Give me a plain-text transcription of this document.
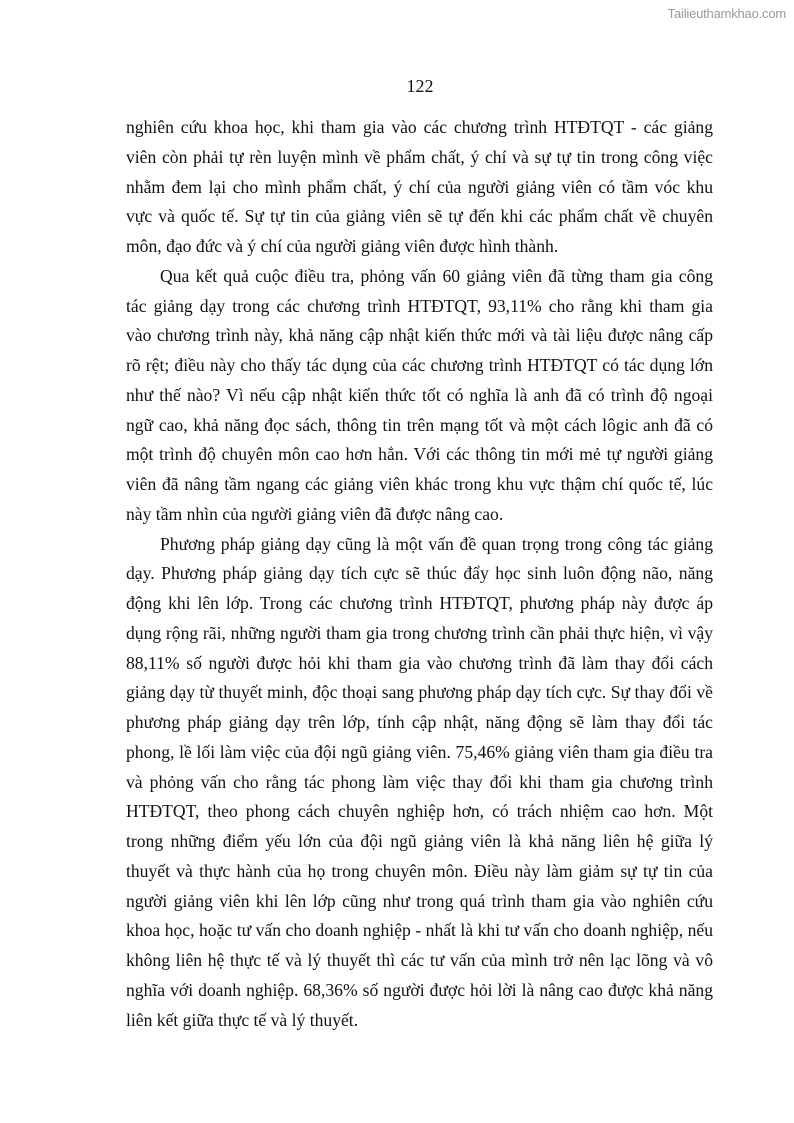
Tailieuthamkhao.com
122
nghiên cứu khoa học, khi tham gia vào các chương trình HTĐTQT - các giảng
viên còn phải tự rèn luyện mình về phẩm chất, ý chí và sự tự tin trong công việc
nhằm đem lại cho mình phẩm chất, ý chí của người giảng viên có tầm vóc khu
vực và quốc tế. Sự tự tin của giảng viên sẽ tự đến khi các phẩm chất về chuyên
môn, đạo đức và ý chí của người giảng viên được hình thành.
Qua kết quả cuộc điều tra, phỏng vấn 60 giảng viên đã từng tham gia công
tác giảng dạy trong các chương trình HTĐTQT, 93,11% cho rằng khi tham gia
vào chương trình này, khả năng cập nhật kiến thức mới và tài liệu được nâng cấp
rõ rệt; điều này cho thấy tác dụng của các chương trình HTĐTQT có tác dụng lớn
như thế nào? Vì nếu cập nhật kiến thức tốt có nghĩa là anh đã có trình độ ngoại
ngữ cao, khả năng đọc sách, thông tin trên mạng tốt và một cách lôgic anh đã có
một trình độ chuyên môn cao hơn hẳn. Với các thông tin mới mẻ tự người giảng
viên đã nâng tầm ngang các giảng viên khác trong khu vực thậm chí quốc tế, lúc
này tầm nhìn của người giảng viên đã được nâng cao.
Phương pháp giảng dạy cũng là một vấn đề quan trọng trong công tác giảng
dạy. Phương pháp giảng dạy tích cực sẽ thúc đẩy học sinh luôn động não, năng
động khi lên lớp. Trong các chương trình HTĐTQT, phương pháp này được áp
dụng rộng rãi, những người tham gia trong chương trình cần phải thực hiện, vì vậy
88,11% số người được hỏi khi tham gia vào chương trình đã làm thay đổi cách
giảng dạy từ thuyết minh, độc thoại sang phương pháp dạy tích cực. Sự thay đổi về
phương pháp giảng dạy trên lớp, tính cập nhật, năng động sẽ làm thay đổi tác
phong, lề lối làm việc của đội ngũ giảng viên. 75,46% giảng viên tham gia điều tra
và phỏng vấn cho rằng tác phong làm việc thay đổi khi tham gia chương trình
HTĐTQT, theo phong cách chuyên nghiệp hơn, có trách nhiệm cao hơn. Một
trong những điểm yếu lớn của đội ngũ giảng viên là khả năng liên hệ giữa lý
thuyết và thực hành của họ trong chuyên môn. Điều này làm giảm sự tự tin của
người giảng viên khi lên lớp cũng như trong quá trình tham gia vào nghiên cứu
khoa học, hoặc tư vấn cho doanh nghiệp - nhất là khi tư vấn cho doanh nghiệp, nếu
không liên hệ thực tế và lý thuyết thì các tư vấn của mình trở nên lạc lõng và vô
nghĩa với doanh nghiệp. 68,36% số người được hỏi lời là nâng cao được khả năng
liên kết giữa thực tế và lý thuyết.
